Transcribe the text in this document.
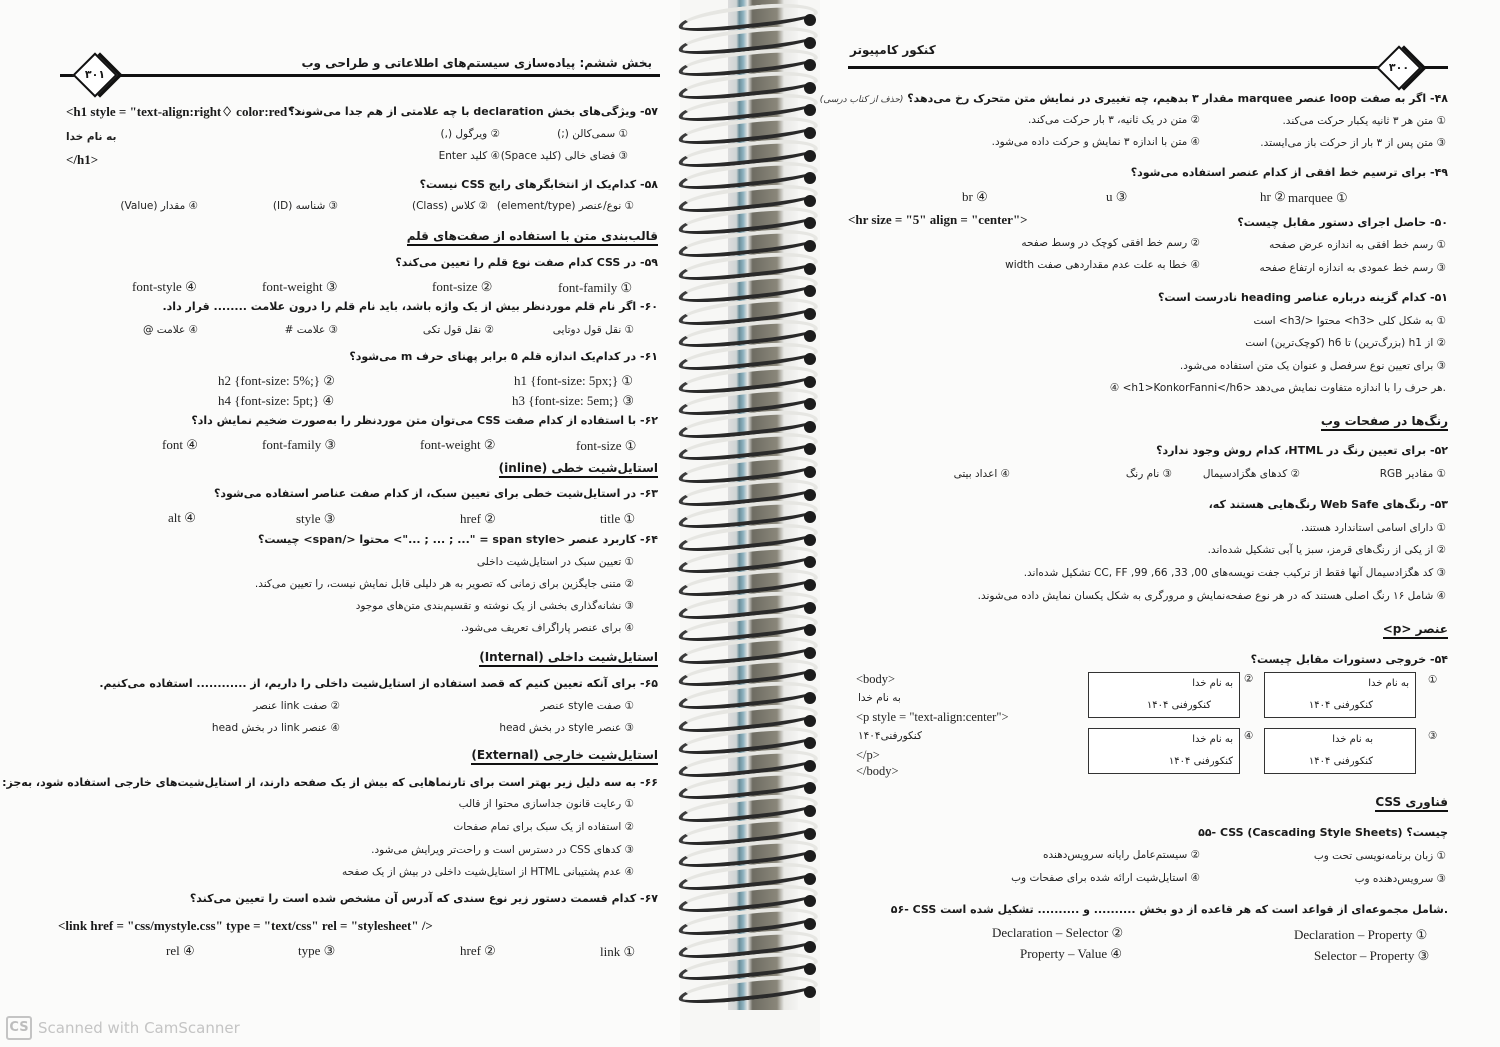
۳۰۱
بخش ششم: پیاده‌سازی سیستم‌های اطلاعاتی و طراحی وب
۵۷- ویژگی‌های بخش declaration با چه علامتی از هم جدا می‌شوند؟
<h1 style = "text-align:right♢ color:red">
به نام خدا
</h1>
① سمی‌کالن (;)
② ویرگول (,)
③ فضای خالی (کلید Space)
④ کلید Enter
۵۸- کدام‌یک از انتخابگرهای رایج CSS نیست؟
① نوع/عنصر (element/type)
② کلاس (Class)
③ شناسه (ID)
④ مقدار (Value)
قالب‌بندی متن با استفاده از صفت‌های قلم
۵۹- در CSS کدام صفت نوع قلم را تعیین می‌کند؟
font-family ①
font-size ②
font-weight ③
font-style ④
۶۰- اگر نام قلم موردنظر بیش از یک واژه باشد، باید نام قلم را درون علامت ........ قرار داد.
① نقل قول دوتایی
② نقل قول تکی
③ علامت #
④ علامت @
۶۱- در کدام‌یک اندازه قلم ۵ برابر پهنای حرف m می‌شود؟
h1 {font-size: 5px;} ①
h2 {font-size: 5%;} ②
h3 {font-size: 5em;} ③
h4 {font-size: 5pt;} ④
۶۲- با استفاده از کدام صفت CSS می‌توان متن موردنظر را به‌صورت ضخیم نمایش داد؟
font-size ①
font-weight ②
font-family ③
font ④
استایل‌شیت خطی (inline)
۶۳- در استایل‌شیت خطی برای تعیین سبک، از کدام صفت عناصر استفاده می‌شود؟
title ①
href ②
style ③
alt ④
۶۴- کاربرد عنصر <span style = "... ; ... ; ..."> محتوا </span> چیست؟
① تعیین سبک در استایل‌شیت داخلی
② متنی جایگزین برای زمانی که تصویر به هر دلیلی قابل نمایش نیست، را تعیین می‌کند.
③ نشانه‌گذاری بخشی از یک نوشته و تقسیم‌بندی متن‌های موجود
④ برای عنصر پاراگراف تعریف می‌شود.
استایل‌شیت داخلی (Internal)
۶۵- برای آنکه تعیین کنیم که قصد استفاده از استایل‌شیت داخلی را داریم، از ............ استفاده می‌کنیم.
① صفت style عنصر
② صفت link عنصر
③ عنصر style در بخش head
④ عنصر link در بخش head
استایل‌شیت خارجی (External)
۶۶- به سه دلیل زیر بهتر است برای تارنماهایی که بیش از یک صفحه دارند، از استایل‌شیت‌های خارجی استفاده شود، به‌جز:
① رعایت قانون جداسازی محتوا از قالب
② استفاده از یک سبک برای تمام صفحات
③ کدهای CSS در دسترس است و راحت‌تر ویرایش می‌شود.
④ عدم پشتیبانی HTML از استایل‌شیت داخلی در بیش از یک صفحه
۶۷- کدام قسمت دستور زیر نوع سندی که آدرس آن مشخص شده است را تعیین می‌کند؟
<link href = "css/mystyle.css" type = "text/css" rel = "stylesheet" />
link ①
href ②
type ③
rel ④
کنکور کامپیوتر
۳۰۰
۴۸- اگر به صفت loop عنصر marquee مقدار ۳ بدهیم، چه تغییری در نمایش متن متحرک رخ می‌دهد؟ (حذف از کتاب درسی)
① متن هر ۳ ثانیه یکبار حرکت می‌کند.
② متن در یک ثانیه، ۳ بار حرکت می‌کند.
③ متن پس از ۳ بار از حرکت باز می‌ایستد.
④ متن با اندازه ۳ نمایش و حرکت داده می‌شود.
۴۹- برای ترسیم خط افقی از کدام عنصر استفاده می‌شود؟
marquee ①
hr ②
u ③
br ④
۵۰- حاصل اجرای دستور مقابل چیست؟
<hr size = "5" align = "center">
① رسم خط افقی به اندازه عرض صفحه
② رسم خط افقی کوچک در وسط صفحه
③ رسم خط عمودی به اندازه ارتفاع صفحه
④ خطا به علت عدم مقداردهی صفت width
۵۱- کدام گزینه درباره عناصر heading نادرست است؟
① به شکل کلی <h3> محتوا </h3> است
② از h1 (بزرگ‌ترین) تا h6 (کوچک‌ترین) است
③ برای تعیین نوع سرفصل و عنوان یک متن استفاده می‌شود.
④ <h1>KonkorFanni</h6> هر حرف را با اندازه متفاوت نمایش می‌دهد.
رنگ‌ها در صفحات وب
۵۲- برای تعیین رنگ در HTML، کدام روش وجود ندارد؟
① مقادیر RGB
② کدهای هگزادسیمال
③ نام رنگ
④ اعداد بیتی
۵۳- رنگ‌های Web Safe رنگ‌هایی هستند که،
① دارای اسامی استاندارد هستند.
② از یکی از رنگ‌های قرمز، سبز یا آبی تشکیل شده‌اند.
③ کد هگزادسیمال آنها فقط از ترکیب جفت نویسه‌های 00, 33, 66, 99, CC, FF تشکیل شده‌اند.
④ شامل ۱۶ رنگ اصلی هستند که در هر نوع صفحه‌نمایش و مرورگری به شکل یکسان نمایش داده می‌شوند.
عنصر <p>
۵۴- خروجی دستورات مقابل چیست؟
<body>
به نام خدا
<p style = "text-align:center">
کنکورفنی۱۴۰۴
</p>
</body>
①
به نام خدا
کنکورفنی ۱۴۰۴
②
به نام خدا
کنکورفنی ۱۴۰۴
③
به نام خدا
کنکورفنی ۱۴۰۴
④
به نام خدا
کنکورفنی ۱۴۰۴
فناوری CSS
۵۵- CSS (Cascading Style Sheets) چیست؟
① زبان برنامه‌نویسی تحت وب
② سیستم‌عامل رایانه سرویس‌دهنده
③ سرویس‌دهنده وب
④ استایل‌شیت ارائه شده برای صفحات وب
۵۶- CSS شامل مجموعه‌ای از قواعد است که هر قاعده از دو بخش .......... و .......... تشکیل شده است.
Declaration – Property ①
Declaration – Selector ②
Selector – Property ③
Property – Value ④
CS Scanned with CamScanner
